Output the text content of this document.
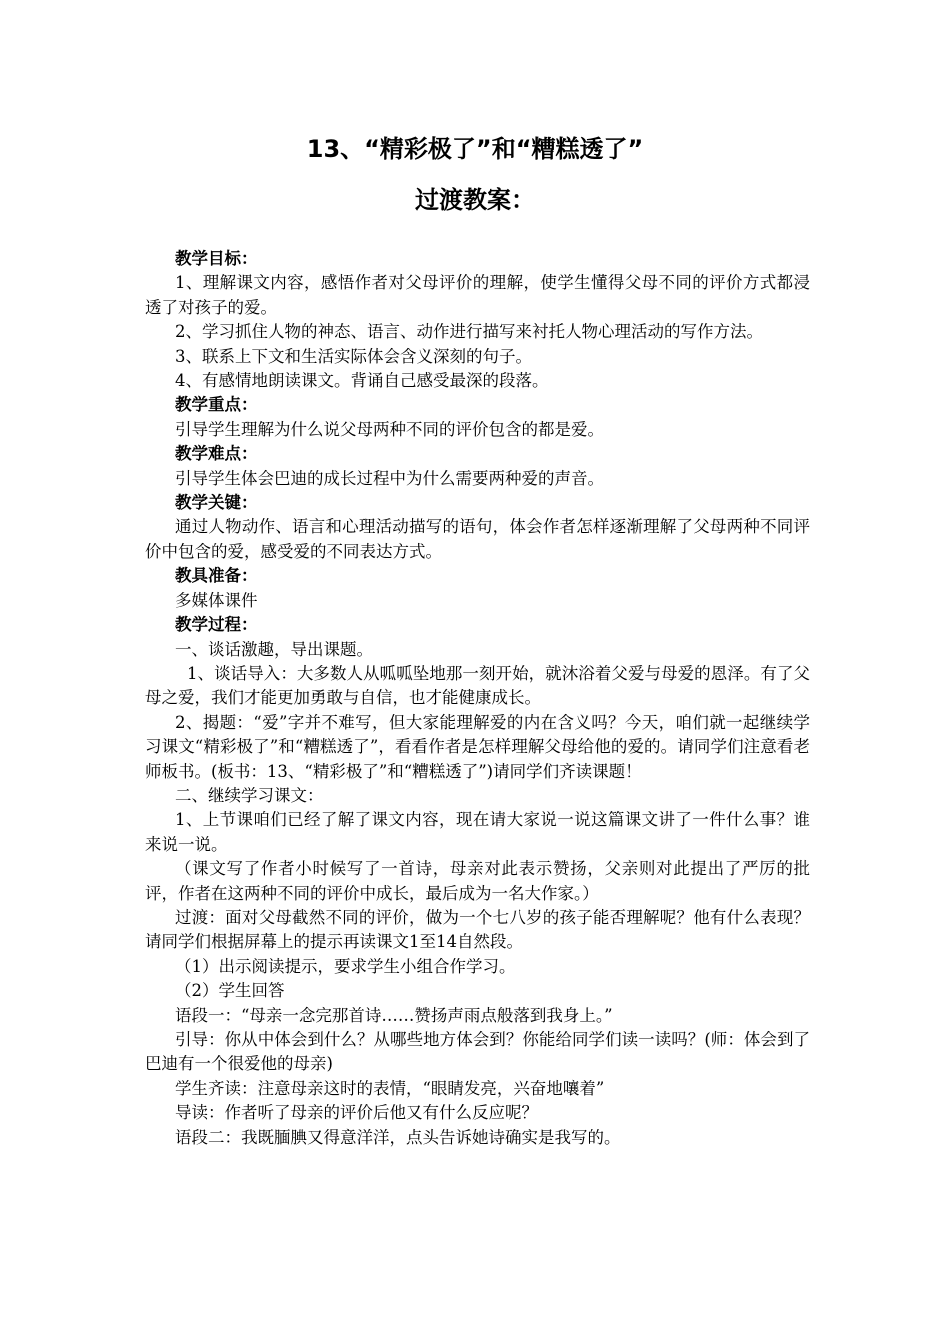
13、“精彩极了”和“糟糕透了”
过渡教案：

教学目标：

1、理解课文内容，感悟作者对父母评价的理解，使学生懂得父母不同的评价方式都浸透了对孩子的爱。

2、学习抓住人物的神态、语言、动作进行描写来衬托人物心理活动的写作方法。

3、联系上下文和生活实际体会含义深刻的句子。

4、有感情地朗读课文。背诵自己感受最深的段落。

教学重点：

引导学生理解为什么说父母两种不同的评价包含的都是爱。

教学难点：

引导学生体会巴迪的成长过程中为什么需要两种爱的声音。

教学关键：

通过人物动作、语言和心理活动描写的语句，体会作者怎样逐渐理解了父母两种不同评价中包含的爱，感受爱的不同表达方式。

教具准备：

多媒体课件

教学过程：

一、谈话激趣，导出课题。

1、谈话导入：大多数人从呱呱坠地那一刻开始，就沐浴着父爱与母爱的恩泽。有了父母之爱，我们才能更加勇敢与自信，也才能健康成长。

2、揭题：“爱”字并不难写，但大家能理解爱的内在含义吗？今天，咱们就一起继续学习课文“精彩极了”和“糟糕透了”，看看作者是怎样理解父母给他的爱的。请同学们注意看老师板书。(板书：13、“精彩极了”和“糟糕透了”)请同学们齐读课题！

二、继续学习课文：

1、上节课咱们已经了解了课文内容，现在请大家说一说这篇课文讲了一件什么事？谁来说一说。

（课文写了作者小时候写了一首诗，母亲对此表示赞扬，父亲则对此提出了严厉的批评，作者在这两种不同的评价中成长，最后成为一名大作家。）

过渡：面对父母截然不同的评价，做为一个七八岁的孩子能否理解呢？他有什么表现？请同学们根据屏幕上的提示再读课文1至14自然段。

（1）出示阅读提示，要求学生小组合作学习。

（2）学生回答

语段一：“母亲一念完那首诗……赞扬声雨点般落到我身上。”

引导：你从中体会到什么？从哪些地方体会到？你能给同学们读一读吗？(师：体会到了巴迪有一个很爱他的母亲)

学生齐读：注意母亲这时的表情，“眼睛发亮，兴奋地嚷着”

导读：作者听了母亲的评价后他又有什么反应呢？

语段二：我既腼腆又得意洋洋，点头告诉她诗确实是我写的。
